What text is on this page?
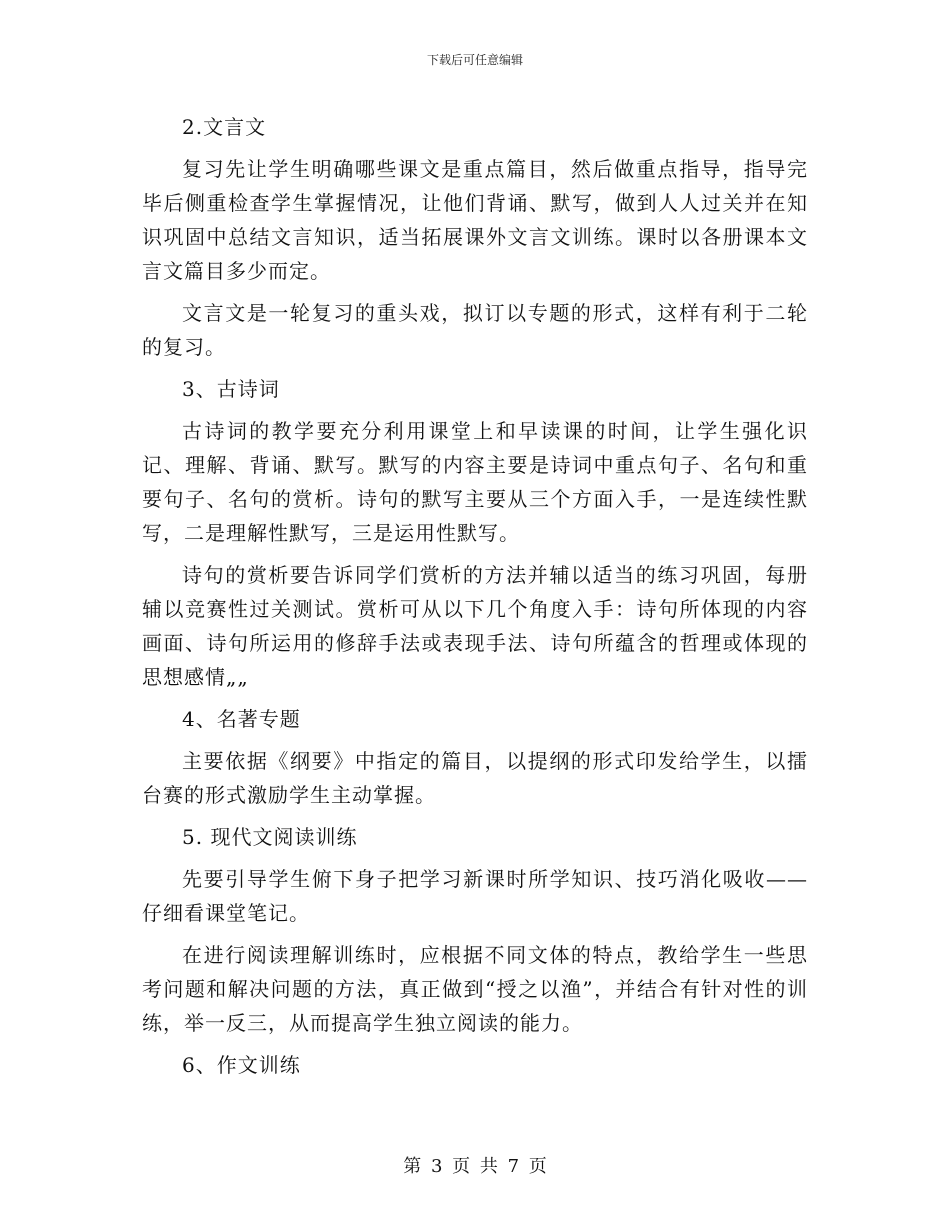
下载后可任意编辑

2.文言文

复习先让学生明确哪些课文是重点篇目，然后做重点指导，指导完毕后侧重检查学生掌握情况，让他们背诵、默写，做到人人过关并在知识巩固中总结文言知识，适当拓展课外文言文训练。课时以各册课本文言文篇目多少而定。

文言文是一轮复习的重头戏，拟订以专题的形式，这样有利于二轮的复习。

3、古诗词

古诗词的教学要充分利用课堂上和早读课的时间，让学生强化识记、理解、背诵、默写。默写的内容主要是诗词中重点句子、名句和重要句子、名句的赏析。诗句的默写主要从三个方面入手，一是连续性默写，二是理解性默写，三是运用性默写。

诗句的赏析要告诉同学们赏析的方法并辅以适当的练习巩固，每册辅以竞赛性过关测试。赏析可从以下几个角度入手：诗句所体现的内容画面、诗句所运用的修辞手法或表现手法、诗句所蕴含的哲理或体现的思想感情„„

4、名著专题

主要依据《纲要》中指定的篇目，以提纲的形式印发给学生，以擂台赛的形式激励学生主动掌握。

5. 现代文阅读训练

先要引导学生俯下身子把学习新课时所学知识、技巧消化吸收——仔细看课堂笔记。

在进行阅读理解训练时，应根据不同文体的特点，教给学生一些思考问题和解决问题的方法，真正做到“授之以渔”，并结合有针对性的训练，举一反三，从而提高学生独立阅读的能力。

6、作文训练

第 3 页 共 7 页
